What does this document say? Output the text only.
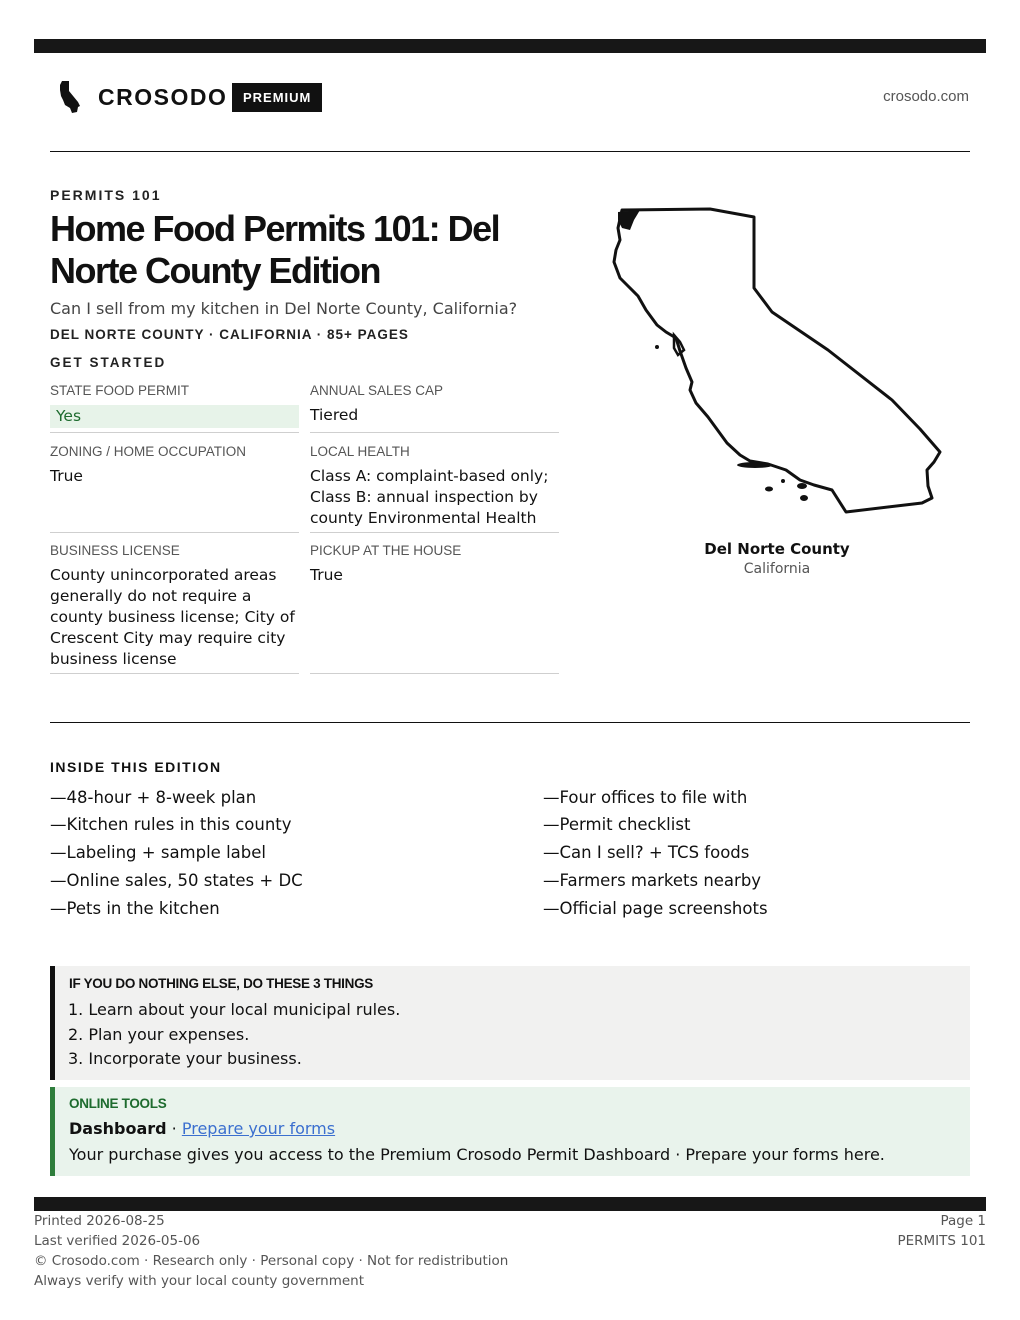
CROSODO	PREMIUM	crosodo.com
PERMITS 101
Home Food Permits 101: Del Norte County Edition
Can I sell from my kitchen in Del Norte County, California?
DEL NORTE COUNTY · CALIFORNIA · 85+ PAGES
GET STARTED
STATE FOOD PERMIT
Yes
ANNUAL SALES CAP
Tiered
ZONING / HOME OCCUPATION
True
LOCAL HEALTH
Class A: complaint-based only; Class B: annual inspection by county Environmental Health
BUSINESS LICENSE
County unincorporated areas generally do not require a county business license; City of Crescent City may require city business license
PICKUP AT THE HOUSE
True
Del Norte County
California
INSIDE THIS EDITION
—48-hour + 8-week plan
—Kitchen rules in this county
—Labeling + sample label
—Online sales, 50 states + DC
—Pets in the kitchen
—Four offices to file with
—Permit checklist
—Can I sell? + TCS foods
—Farmers markets nearby
—Official page screenshots
IF YOU DO NOTHING ELSE, DO THESE 3 THINGS
1. Learn about your local municipal rules.
2. Plan your expenses.
3. Incorporate your business.
ONLINE TOOLS
Dashboard · Prepare your forms
Your purchase gives you access to the Premium Crosodo Permit Dashboard · Prepare your forms here.
Printed 2026-08-25
Last verified 2026-05-06
© Crosodo.com · Research only · Personal copy · Not for redistribution
Always verify with your local county government
Page 1
PERMITS 101
